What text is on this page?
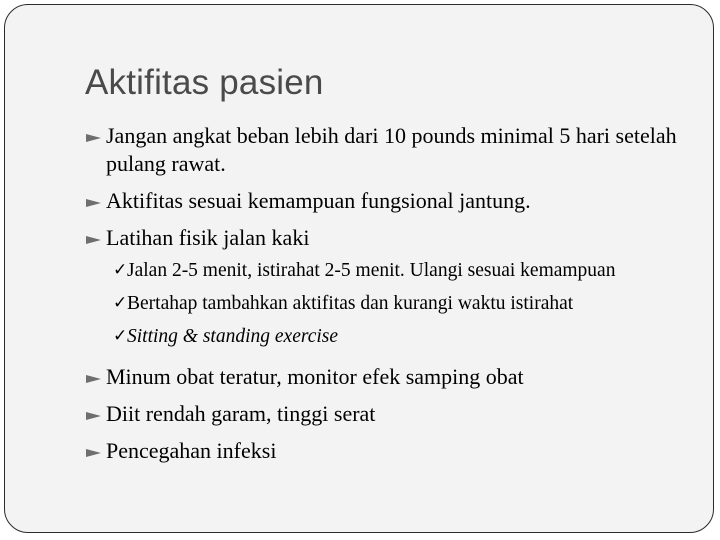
Aktifitas pasien
Jangan angkat beban lebih dari 10 pounds minimal 5 hari setelah pulang rawat.
Aktifitas sesuai kemampuan fungsional jantung.
Latihan fisik jalan kaki
✓ Jalan 2-5 menit, istirahat 2-5 menit. Ulangi sesuai kemampuan
✓ Bertahap tambahkan aktifitas dan kurangi waktu istirahat
✓ Sitting & standing exercise
Minum obat teratur, monitor efek samping obat
Diit rendah garam, tinggi serat
Pencegahan infeksi
